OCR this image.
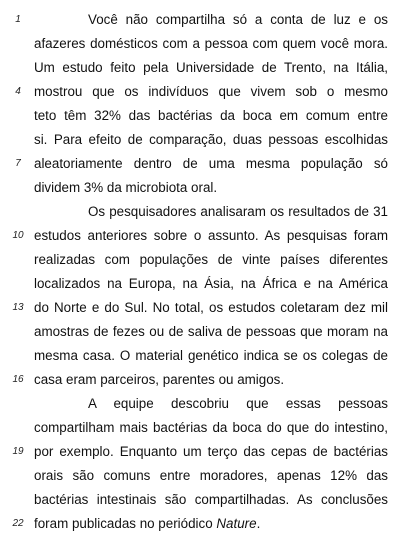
1
4
7
10
13
16
19
22
Você não compartilha só a conta de luz e os
afazeres domésticos com a pessoa com quem você mora.
Um estudo feito pela Universidade de Trento, na Itália,
mostrou que os indivíduos que vivem sob o mesmo
teto têm 32% das bactérias da boca em comum entre
si. Para efeito de comparação, duas pessoas escolhidas
aleatoriamente dentro de uma mesma população só
dividem 3% da microbiota oral.
Os pesquisadores analisaram os resultados de 31
estudos anteriores sobre o assunto. As pesquisas foram
realizadas com populações de vinte países diferentes
localizados na Europa, na Ásia, na África e na América
do Norte e do Sul. No total, os estudos coletaram dez mil
amostras de fezes ou de saliva de pessoas que moram na
mesma casa. O material genético indica se os colegas de
casa eram parceiros, parentes ou amigos.
A equipe descobriu que essas pessoas
compartilham mais bactérias da boca do que do intestino,
por exemplo. Enquanto um terço das cepas de bactérias
orais são comuns entre moradores, apenas 12% das
bactérias intestinais são compartilhadas. As conclusões
foram publicadas no periódico Nature.
